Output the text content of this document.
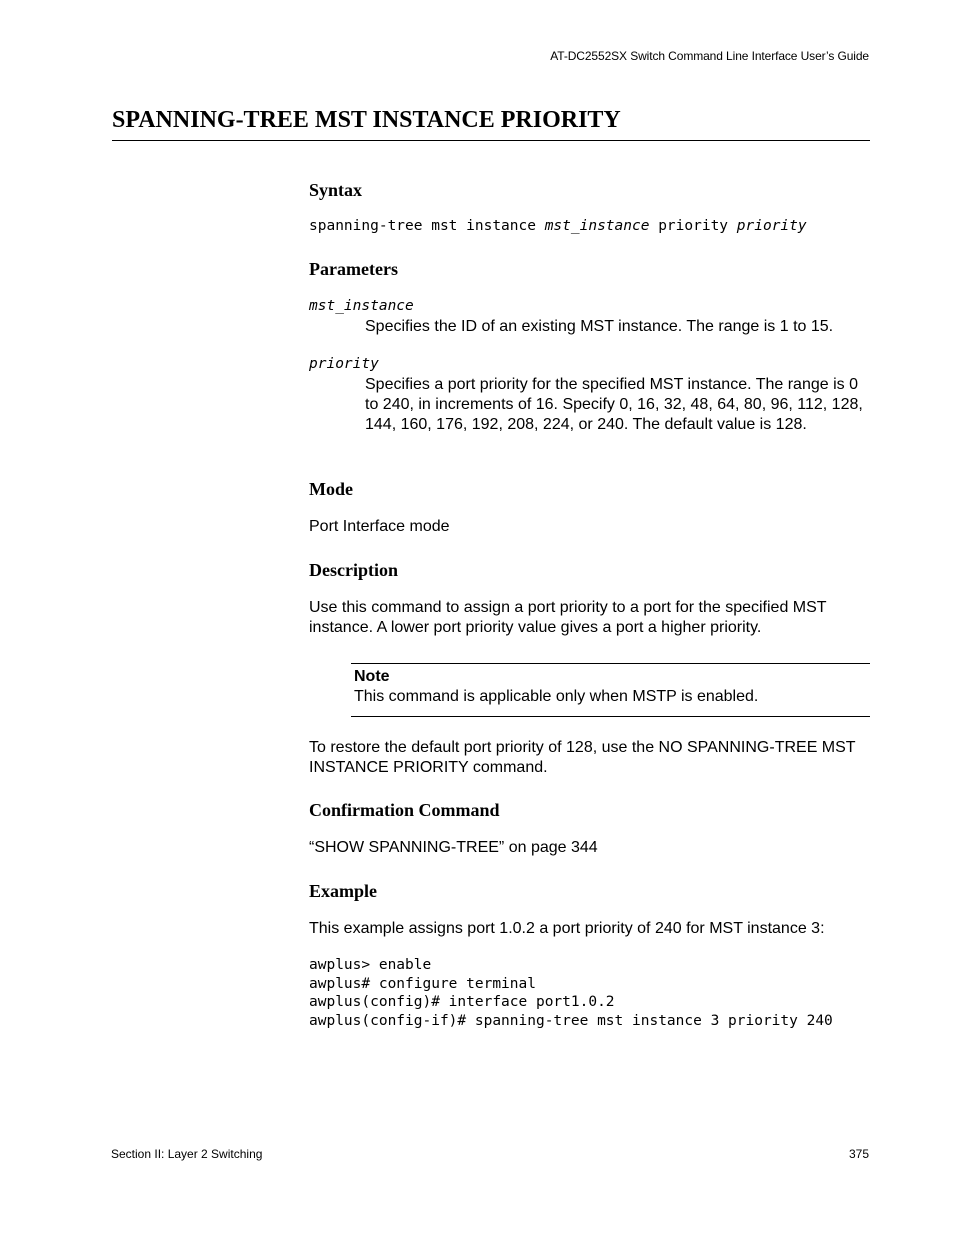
AT-DC2552SX Switch Command Line Interface User’s Guide
SPANNING-TREE MST INSTANCE PRIORITY
Syntax
spanning-tree mst instance mst_instance priority priority
Parameters
mst_instance

Specifies the ID of an existing MST instance. The range is 1 to 15.

priority

Specifies a port priority for the specified MST instance. The range is 0 to 240, in increments of 16. Specify 0, 16, 32, 48, 64, 80, 96, 112, 128, 144, 160, 176, 192, 208, 224, or 240. The default value is 128.

Mode

Port Interface mode

Description

Use this command to assign a port priority to a port for the specified MST instance. A lower port priority value gives a port a higher priority.

Note
This command is applicable only when MSTP is enabled.

To restore the default port priority of 128, use the NO SPANNING-TREE MST INSTANCE PRIORITY command.

Confirmation Command

“SHOW SPANNING-TREE” on page 344

Example

This example assigns port 1.0.2 a port priority of 240 for MST instance 3:

awplus> enable
awplus# configure terminal
awplus(config)# interface port1.0.2
awplus(config-if)# spanning-tree mst instance 3 priority 240
Section II: Layer 2 Switching	375
